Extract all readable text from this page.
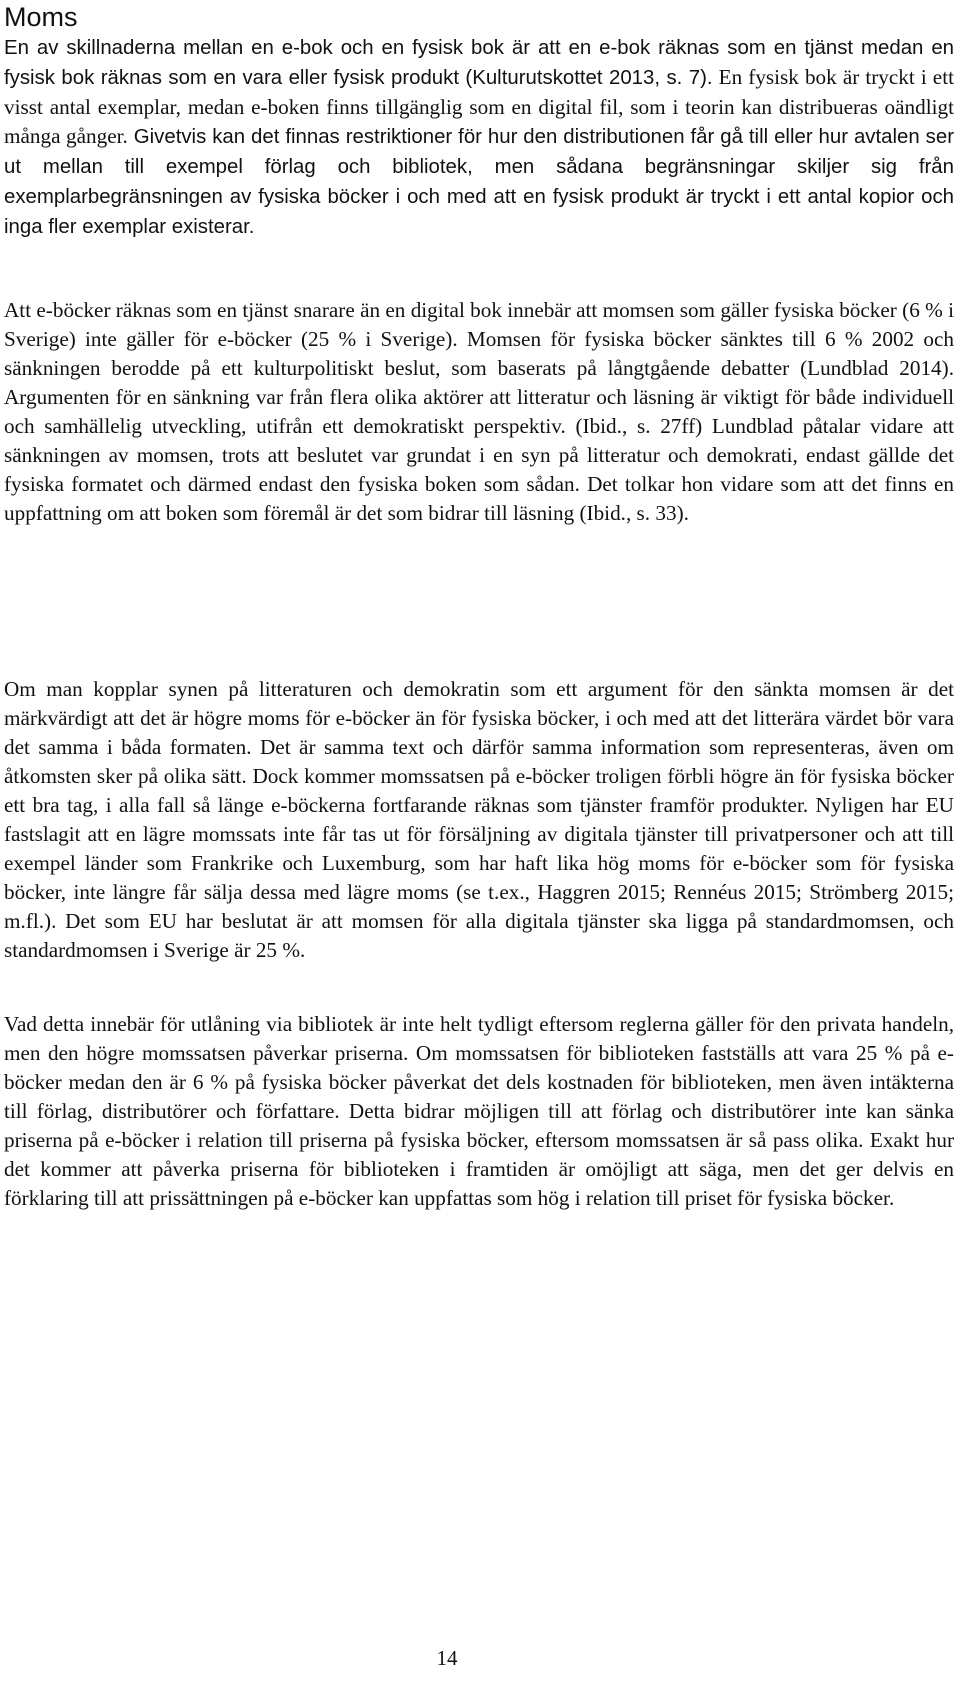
Moms

En av skillnaderna mellan en e-bok och en fysisk bok är att en e-bok räknas som en tjänst medan en fysisk bok räknas som en vara eller fysisk produkt (Kulturutskottet 2013, s. 7). En fysisk bok är tryckt i ett visst antal exemplar, medan e-boken finns tillgänglig som en digital fil, som i teorin kan distribueras oändligt många gånger. Givetvis kan det finnas restriktioner för hur den distributionen får gå till eller hur avtalen ser ut mellan till exempel förlag och bibliotek, men sådana begränsningar skiljer sig från exemplarbegränsningen av fysiska böcker i och med att en fysisk produkt är tryckt i ett antal kopior och inga fler exemplar existerar.

Att e-böcker räknas som en tjänst snarare än en digital bok innebär att momsen som gäller fysiska böcker (6 % i Sverige) inte gäller för e-böcker (25 % i Sverige). Momsen för fysiska böcker sänktes till 6 % 2002 och sänkningen berodde på ett kulturpolitiskt beslut, som baserats på långtgående debatter (Lundblad 2014). Argumenten för en sänkning var från flera olika aktörer att litteratur och läsning är viktigt för både individuell och samhällelig utveckling, utifrån ett demokratiskt perspektiv. (Ibid., s. 27ff) Lundblad påtalar vidare att sänkningen av momsen, trots att beslutet var grundat i en syn på litteratur och demokrati, endast gällde det fysiska formatet och därmed endast den fysiska boken som sådan. Det tolkar hon vidare som att det finns en uppfattning om att boken som föremål är det som bidrar till läsning (Ibid., s. 33).

Om man kopplar synen på litteraturen och demokratin som ett argument för den sänkta momsen är det märkvärdigt att det är högre moms för e-böcker än för fysiska böcker, i och med att det litterära värdet bör vara det samma i båda formaten. Det är samma text och därför samma information som representeras, även om åtkomsten sker på olika sätt. Dock kommer momssatsen på e-böcker troligen förbli högre än för fysiska böcker ett bra tag, i alla fall så länge e-böckerna fortfarande räknas som tjänster framför produkter. Nyligen har EU fastslagit att en lägre momssats inte får tas ut för försäljning av digitala tjänster till privatpersoner och att till exempel länder som Frankrike och Luxemburg, som har haft lika hög moms för e-böcker som för fysiska böcker, inte längre får sälja dessa med lägre moms (se t.ex., Haggren 2015; Rennéus 2015; Strömberg 2015; m.fl.). Det som EU har beslutat är att momsen för alla digitala tjänster ska ligga på standardmomsen, och standardmomsen i Sverige är 25 %.

Vad detta innebär för utlåning via bibliotek är inte helt tydligt eftersom reglerna gäller för den privata handeln, men den högre momssatsen påverkar priserna. Om momssatsen för biblioteken fastställs att vara 25 % på e-böcker medan den är 6 % på fysiska böcker påverkat det dels kostnaden för biblioteken, men även intäkterna till förlag, distributörer och författare. Detta bidrar möjligen till att förlag och distributörer inte kan sänka priserna på e-böcker i relation till priserna på fysiska böcker, eftersom momssatsen är så pass olika. Exakt hur det kommer att påverka priserna för biblioteken i framtiden är omöjligt att säga, men det ger delvis en förklaring till att prissättningen på e-böcker kan uppfattas som hög i relation till priset för fysiska böcker.

14
